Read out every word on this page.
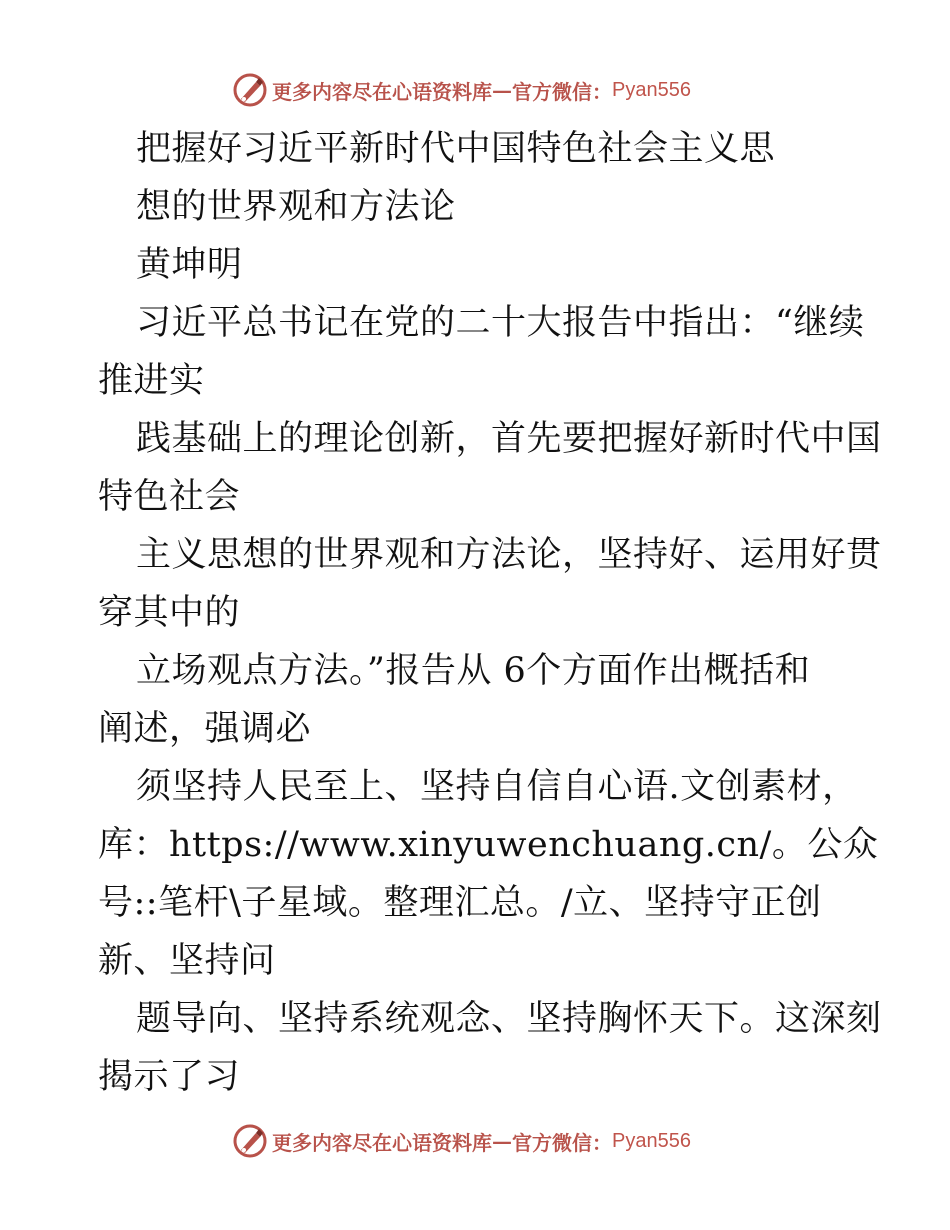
更多内容尽在心语资料库 — 官方微信： Pyan556
把握好习近平新时代中国特色社会主义思
想的世界观和方法论
黄坤明
习近平总书记在党的二十大报告中指出：“继续
推进实
践基础上的理论创新，首先要把握好新时代中国
特色社会
主义思想的世界观和方法论，坚持好、运用好贯
穿其中的
立场观点方法。”报告从 6个方面作出概括和
阐述，强调必
须坚持人民至上、坚持自信自心语.文创素材，
库：https://www.xinyuwenchuang.cn/。公众
号::笔杆\子星域。整理汇总。/立、坚持守正创
新、坚持问
题导向、坚持系统观念、坚持胸怀天下。这深刻
揭示了习
更多内容尽在心语资料库 — 官方微信： Pyan556
